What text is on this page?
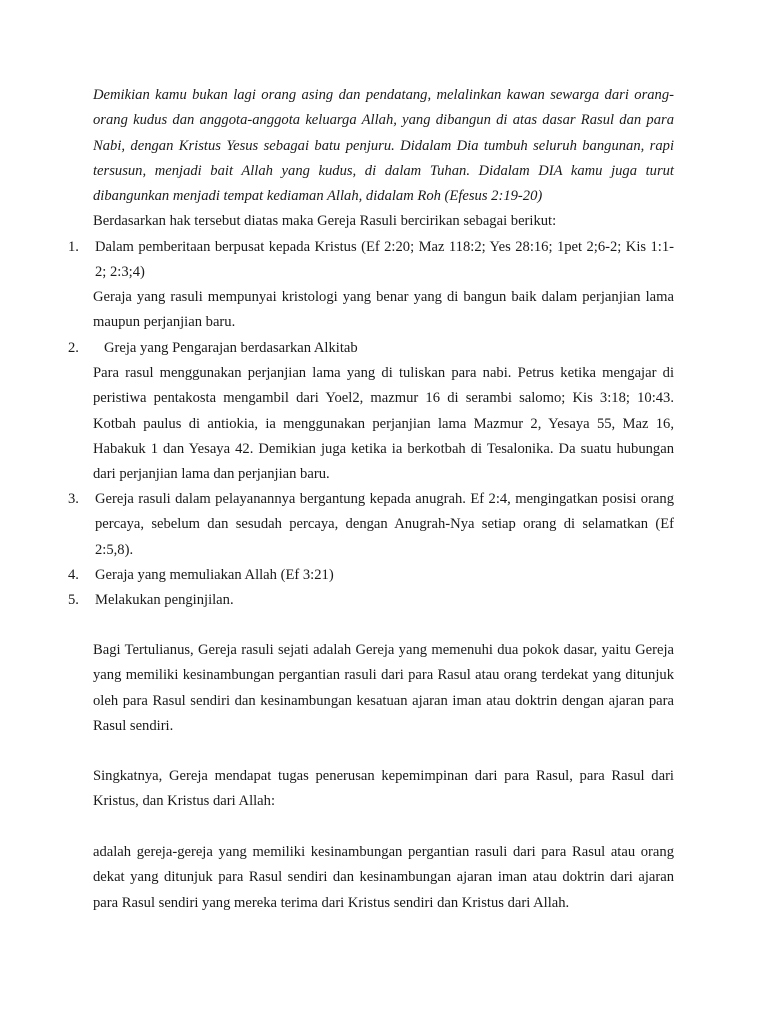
Demikian kamu bukan lagi orang asing dan pendatang, melalinkan kawan sewarga dari orang-orang kudus dan anggota-anggota keluarga Allah, yang dibangun di atas dasar Rasul dan para Nabi, dengan Kristus Yesus sebagai batu penjuru. Didalam Dia tumbuh seluruh bangunan, rapi tersusun, menjadi bait Allah yang kudus, di dalam Tuhan. Didalam DIA kamu juga turut dibangunkan menjadi tempat kediaman Allah, didalam Roh (Efesus 2:19-20)

Berdasarkan hak tersebut diatas maka Gereja Rasuli bercirikan sebagai berikut:

1. Dalam pemberitaan berpusat kepada Kristus (Ef 2:20; Maz 118:2; Yes 28:16; 1pet 2;6-2; Kis 1:1-2; 2:3;4)

Geraja yang rasuli mempunyai kristologi yang benar yang di bangun baik dalam perjanjian lama maupun perjanjian baru.

2. Greja yang Pengarajan berdasarkan Alkitab

Para rasul menggunakan perjanjian lama yang di tuliskan para nabi. Petrus ketika mengajar di peristiwa pentakosta mengambil dari Yoel2, mazmur 16 di serambi salomo; Kis 3:18; 10:43. Kotbah paulus di antiokia, ia menggunakan perjanjian lama Mazmur 2, Yesaya 55, Maz 16, Habakuk 1 dan Yesaya 42. Demikian juga ketika ia berkotbah di Tesalonika. Da suatu hubungan dari perjanjian lama dan perjanjian baru.

3. Gereja rasuli dalam pelayanannya bergantung kepada anugrah. Ef 2:4, mengingatkan posisi orang percaya, sebelum dan sesudah percaya, dengan Anugrah-Nya setiap orang di selamatkan (Ef 2:5,8).

4. Geraja yang memuliakan Allah (Ef 3:21)

5. Melakukan penginjilan.

Bagi Tertulianus, Gereja rasuli sejati adalah Gereja yang memenuhi dua pokok dasar, yaitu Gereja yang memiliki kesinambungan pergantian rasuli dari para Rasul atau orang terdekat yang ditunjuk oleh para Rasul sendiri dan kesinambungan kesatuan ajaran iman atau doktrin dengan ajaran para Rasul sendiri.

Singkatnya, Gereja mendapat tugas penerusan kepemimpinan dari para Rasul, para Rasul dari Kristus, dan Kristus dari Allah:

adalah gereja-gereja yang memiliki kesinambungan pergantian rasuli dari para Rasul atau orang dekat yang ditunjuk para Rasul sendiri dan kesinambungan ajaran iman atau doktrin dari ajaran para Rasul sendiri yang mereka terima dari Kristus sendiri dan Kristus dari Allah.
